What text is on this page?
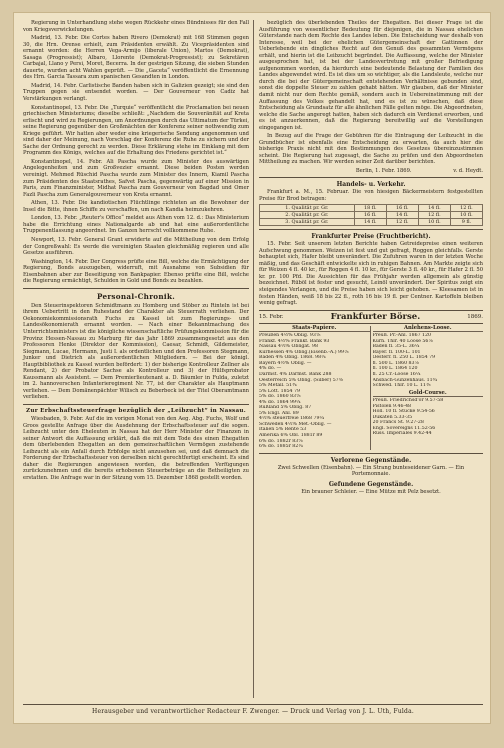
Regierung in Unterhandlung stehe wegen Rückkehr eines Bündnisses für den Fall von Kriegsverwickelungen.

Madrid, 13. Febr. Die Cortes haben Rivero (Demokrat) mit 168 Stimmen gegen 30, die Hrn. Orense erhielt, zum Präsidenten erwählt. Zu Vicepräsidenten sind ernannt worden: die Herren Vega-Armijo (liberale Union), Martos (Demokrat), Sasaga (Progressist); Albaro, Llorente (Demokrat-Progressist); zu Sekretären Carbajal, Llano y Persi, Moret, Becerra. In der gestrigen Sitzung, die sieben Stunden dauerte, wurden acht Wahlen geprüft. — Die „Gaceta“ veröffentlicht die Ernennung des Hrn. Garcia Tassara zum spanischen Gesandten in London.

Madrid, 14. Febr. Carlistische Banden haben sich in Galizien gezeigt; sie sind den Truppen gegen sie entsendet worden. — Der Gouverneur von Cadiz hat Verstärkungen verlangt.

Konstantinopel, 13. Febr. Die „Turquie“ veröffentlicht die Proclamation bei neuen griechischen Ministeriums; dieselbe schließt: „Nachdem die Souveränität auf Kreta erlischt und wird zu Regierungen, um Anordnungen durch das Ultimatum der Türkei, seine Regierung gegenüber den Großmächten der Konferenz seiner nothwendig zum Kriege geführt. Wir hatten aber weder eine kriegerische Sendung angenommen und sind daher der Meinung, nach Vorschlag der Konferenz die Ruhe zu sichern und der Sache der Ordnung gerecht zu werden. Diese Erklärung stehe im Einklang mit dem Programm des Königs, welches auf die Erhaltung des Friedens gerichtet ist.“

Konstantinopel, 14. Febr. Ali Pascha wurde zum Minister des auswärtigen Angelegenheiten und zum Großvezier ernannt. Diese beiden Posten werden vereinigt. Mehmed Rüschid Pascha wurde zum Minister des Innern, Kiamil Pascha zum Präsidenten des Staatsrathes, Safvet Pascha, gegenwärtig auf einer Mission in Paris, zum Finanzminister, Midhat Pascha zum Gouverneur von Bagdad und Omer Fazli Pascha zum Generalgouverneur von Kreta ernannt.

Athen, 13. Febr. Die kandiotischen Flüchtlinge richteten an die Bewohner der Insel die Bitte, ihnen Schiffe zu verschaffen, um nach Kandia heimzukehren.

London, 13. Febr. „Reuter's Office“ meldet aus Athen vom 12. d.: Das Ministerium habe die Errichtung eines Nationalgarde ab und hat eine außerordentliche Truppenentlassung angeordnet. Im Ganzen herrscht vollkommene Ruhe.

Newport, 13. Febr. General Grant erwiderte auf die Mittheilung von dem Erfolg der Congreßwahl: Es werde die vereinigten Staaten gleichmäßig regieren und alle Gesetze ausführen.

Washington, 14. Febr. Der Congress prüfte eine Bill, welche die Ermächtigung der Regierung, Bonds auszugeben, widerruft, mit Ausnahme von Subsidien für Eisenbahnen aber zur Beseitigung von Bankpapier. Ebenso prüfte eine Bill, welche die Regierung ermächtigt, Schulden in Gold und Bonds zu bezahlen.

Personal-Chronik.

Den Steuerinspektoren Schmidtmann zu Homberg und Stöber zu Rinteln ist bei ihrem Uebertritt in den Ruhestand der Charakter als Steuerrath verliehen. Der Oekonomiekommissionsrath Fuchs zu Kassel ist zum Regierungs- und Landesökonomierath ernannt worden. — Nach einer Bekanntmachung des Unterrichtsministers ist die königliche wissenschaftliche Prüfungskommission für die Provinz Hessen-Nassau zu Marburg für das Jahr 1869 zusammengesetzt aus den Professoren Henke (Direktor der Kommission), Caesar, Schmidt, Gildemeister, Siegmann, Lucae, Hermann, Justi I. als ordentlichen und den Professoren Stegmann, Junker und Dietrich als außerordentlichen Mitgliedern. — Bei der königl. Hauptbibliothek zu Kassel wurden befördert: 1) der bisherige Kontrolleur Zellner als Rendant, 2) der Probator Sachse als Kontrolleur und 3) der Hülfsprobator Kaussmann als Assistent. — Dem Premierlieutenant a. D. Bäumler in Fulda, zuletzt im 2. hannoverschen Infanterieregiment Nr. 77, ist der Charakter als Hauptmann verliehen. — Dem Domänenpächter Wilisch zu Beberbeck ist der Titel Oberamtmann verliehen.

Zur Erbschaftssteuerfrage bezüglich der „Leibzucht“ in Nassau.

Wiesbaden, 9. Febr. Auf die im vorigen Monat von den Aeg. Abg. Fuchs, Wolf und Groos gestellte Anfrage über die Ausdehnung der Erbschaftssteuer auf die sogen. Leibzucht unter den Eheleuten in Nassau hat der Herr Minister der Finanzen in seiner Antwort die Auffassung erklärt, daß die mit dem Tode des einen Ehegatten dem überlebenden Ehegatten an dem gemeinschaftlichen Vermögen zustehende Leibzucht als ein Anfall durch Erbfolge nicht anzusehen sei, und daß demnach die Forderung der Erbschaftssteuer von derselben nicht gerechtfertigt erscheint. Es sind daher die Regierungen angewiesen worden, die betreffenden Verfügungen zurückzunehmen und die bereits erhobenen Steuerbeträge an die Betheiligten zu erstatten. Die Anfrage war in der Sitzung vom 15. Dezember 1868 gestellt worden.

bezüglich des überlebenden Theiles der Ehegatten. Bei dieser Frage ist die Ausführung von wesentlicher Bedeutung für diejenigen, die in Nassau ehelichen Güterstande nach dem Rechte des Landes leben. Die Entscheidung war deshalb von Interesse, weil bei der ehelichen Gütergemeinschaft der Gattinnen der Ueberlebende ein dingliches Recht auf den Genuß des gesammten Vermögens erhält, und hierin ist die Leibzucht begründet. Die Auffassung, welche der Minister ausgesprochen hat, ist bei der Landesvertretung mit großer Befriedigung aufgenommen worden, da hierdurch eine bedeutende Belastung der Familien des Landes abgewendet wird. Es ist dies um so wichtiger, als die Landsleute, welche nur durch die bei der Gütergemeinschaft entstehenden Verhältnisse gebunden sind, sonst die doppelte Steuer zu zahlen gehabt hätten. Wir glauben, daß der Minister damit nicht nur dem Rechte gemäß, sondern auch in Uebereinstimmung mit der Auffassung des Volkes gehandelt hat, und es ist zu wünschen, daß diese Entscheidung als Grundsatz für alle ähnlichen Fälle gelten möge. Die Abgeordneten, welche die Sache angeregt hatten, haben sich dadurch ein Verdienst erworben, und es ist anzuerkennen, daß die Regierung bereitwillig auf die Vorstellungen eingegangen ist.

In Bezug auf die Frage der Gebühren für die Eintragung der Leibzucht in die Grundbücher ist ebenfalls eine Entscheidung zu erwarten, da auch hier die bisherige Praxis nicht mit den Bestimmungen des Gesetzes übereinzustimmen scheint. Die Regierung hat zugesagt, die Sache zu prüfen und den Abgeordneten Mittheilung zu machen. Wir werden seiner Zeit darüber berichten.

Berlin, 1. Febr. 1869.	v. d. Heydt.

Handels- u. Verkehr.

Frankfurt a. M., 15. Februar. Die von hiesigen Bäckermeistern festgestellten Preise für Brod betragen:

1. Qualität pr. Gr.	18 fl.	16 fl.	14 fl.	12 fl.
2. Qualität pr. Gr.	16 fl.	14 fl.	12 fl.	10 fl.
3. Qualität pr. Gr.	14 fl.	12 fl.	10 fl.	9 fl.
Frankfurter Preise (Fruchtbericht).

15. Febr. Seit unserem letzten Berichte haben Getreidepreise einen weiteren Aufschwung genommen. Weizen ist fest und gut gefragt, Roggen gleichfalls. Gerste behauptet sich, Hafer bleibt unverändert. Die Zufuhren waren in der letzten Woche mäßig, und das Geschäft entwickelte sich in ruhigen Bahnen. Am Markte zeigte sich für Weizen 4 fl. 40 kr., für Roggen 4 fl. 10 kr., für Gerste 3 fl. 40 kr., für Hafer 2 fl. 50 kr. pr. 100 Pfd. Die Aussichten für das Frühjahr werden allgemein als günstig bezeichnet. Rüböl ist fester und gesucht, Leinöl unverändert. Der Spiritus zeigt ein steigendes Verlangen, und die Preise haben sich leicht gehoben. — Kleesamen ist in festen Händen, weiß 18 bis 22 fl., roth 16 bis 19 fl. per Centner. Kartoffeln bleiben wenig gefragt.

15. Febr.	Frankfurter Börse.	1869.
Staats-Papiere.
Preußen 4½% Oblig. 93⅝
Frankf. 4½% Frankf. Bank 93
Nassau 4½% Obligat. 98
Kurhessen 4% Oblig.(Eisenb.-A.) 99⅞
Baden 4% Oblig. 1868. 98¼
Bayern 4½% Oblig. —
4% do. —
Darmst. 4% Darmst. Bank 288
Oesterreich 5% Oblig. (Silber) 57⅜
5% Metall. 51¾
5% Lott. 1854 79
5% do. 1860 83⅝
4% do. 1864 99¼
Rußland 5% Oblig. 87
5% Engl. Anl. 89
4½% steuerfreie 1868 79¼
Schweden 4½% Met.-Oblig. —
Italien 5% Rente 53
Amerika 6% Obl. 1881r 89
6% do. 1882r 83⅝
6% do. 1885r 82¼
Anlehens-Loose.
Preuß. Pr.-Anl. 1867 120
Kurh. Thlr. 40 Loose 56⅞
Baden fl. 35-L. 36¼
Bayer. fl. 100-L. 101
Oesterr. fl. 250 L. 1854 79
fl. 500 L. 1860 83⅞
fl. 100 L. 1864 120
fl. 25 Cr.-Loose 16¼
Ansbach-Gunzenhaus. 11¾
Schwed. Thlr. 10 L. 11⅜
Gold-Course.
Preuß. Friedrichsd'or 9.57-58
Pistolen 9.46-48
Holl. 10 fl. Stücke 9.54-56
Dukaten 5.33-35
20 Francs St. 9.27-28
Engl. Sovereigns 11.52-56
Russ. Imperiales 9.42-44
Verlorene Gegenstände.

Zwei Schwellen (Eisenbahn). — Ein Strang bunteseidener Garn. — Ein Portemonnaie.

Gefundene Gegenstände.

Ein brauner Schleier. — Eine Mütze mit Pelz besetzt.

Herausgeber und verantwortlicher Redacteur F. Zwenger. — Druck und Verlag von J. L. Uth, Fulda.
